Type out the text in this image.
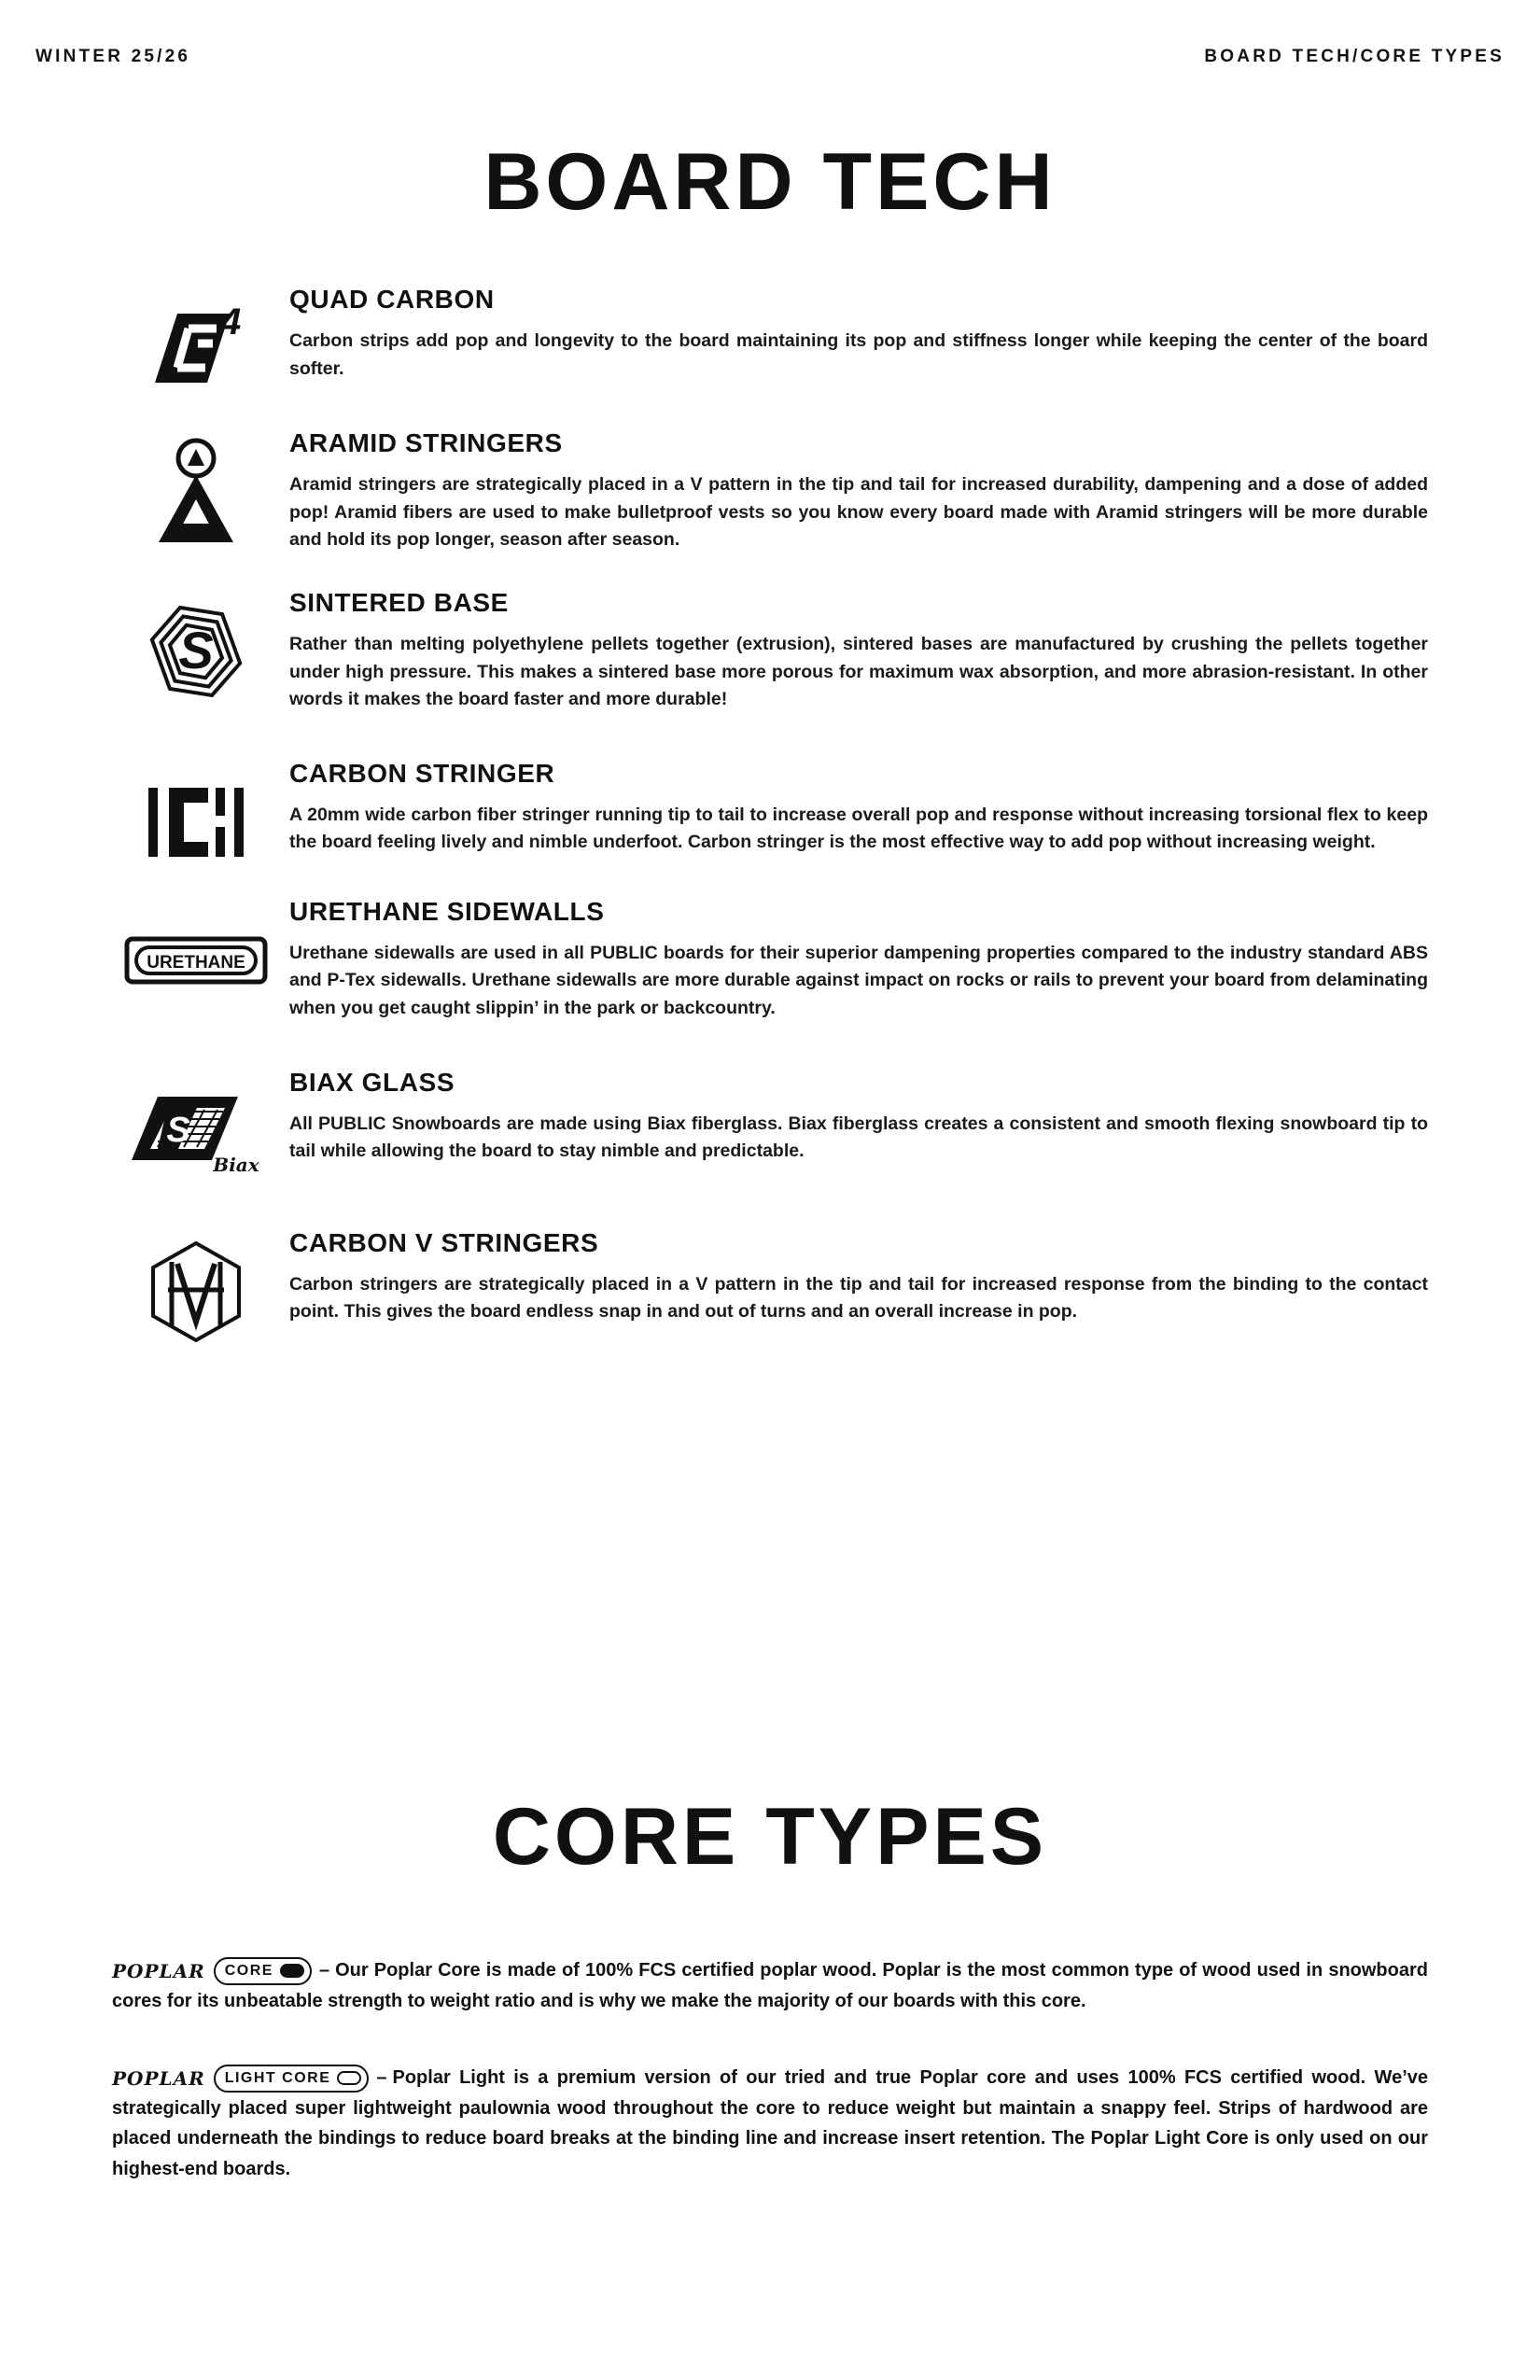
WINTER 25/26	BOARD TECH/CORE TYPES
BOARD TECH
4
QUAD CARBON

Carbon strips add pop and longevity to the board maintaining its pop and stiffness longer while keeping the center of the board softer.

ARAMID STRINGERS

Aramid stringers are strategically placed in a V pattern in the tip and tail for increased durability, dampening and a dose of added pop! Aramid fibers are used to make bulletproof vests so you know every board made with Aramid stringers will be more durable and hold its pop longer, season after season.

S
SINTERED BASE

Rather than melting polyethylene pellets together (extrusion), sintered bases are manufactured by crushing the pellets together under high pressure. This makes a sintered base more porous for maximum wax absorption, and more abrasion-resistant. In other words it makes the board faster and more durable!

CARBON STRINGER

A 20mm wide carbon fiber stringer running tip to tail to increase overall pop and response without increasing torsional flex to keep the board feeling lively and nimble underfoot. Carbon stringer is the most effective way to add pop without increasing weight.

URETHANE
URETHANE SIDEWALLS

Urethane sidewalls are used in all PUBLIC boards for their superior dampening properties compared to the industry standard ABS and P-Tex sidewalls. Urethane sidewalls are more durable against impact on rocks or rails to prevent your board from delaminating when you get caught slippin’ in the park or backcountry.

S
Biax
BIAX GLASS

All PUBLIC Snowboards are made using Biax fiberglass. Biax fiberglass creates a consistent and smooth flexing snowboard tip to tail while allowing the board to stay nimble and predictable.

CARBON V STRINGERS

Carbon stringers are strategically placed in a V pattern in the tip and tail for increased response from the binding to the contact point. This gives the board endless snap in and out of turns and an overall increase in pop.

CORE TYPES
POPLAR CORE – Our Poplar Core is made of 100% FCS certified poplar wood. Poplar is the most common type of wood used in snowboard cores for its unbeatable strength to weight ratio and is why we make the majority of our boards with this core.
POPLAR LIGHT CORE – Poplar Light is a premium version of our tried and true Poplar core and uses 100% FCS certified wood. We’ve strategically placed super lightweight paulownia wood throughout the core to reduce weight but maintain a snappy feel. Strips of hardwood are placed underneath the bindings to reduce board breaks at the binding line and increase insert retention. The Poplar Light Core is only used on our highest-end boards.
